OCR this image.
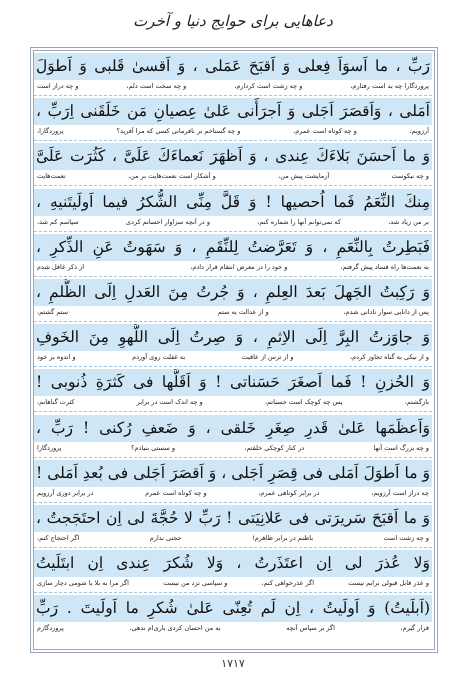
دعاهایی برای حوایج دنیا و آخرت
رَبِّ ، ما اَسوَاَ فِعلی وَ اَقبَحَ عَمَلی ، وَ اَقسیٰ قَلبی وَ اَطوَلَ
پروردگارا چه بد است رفتارم،
و چه زشت است کردارم،
و چه سخت است دلم،
و چه دراز است
اَمَلی ، وَاَقصَرَ اَجَلی وَ اَجرَأَنی عَلیٰ عِصیانِ مَن خَلَقَنی اِرَبِّ ،
آرزویم،
و چه کوتاه است عمرم،
و چه گستاخم بر نافرمانی کسی که مرا آفرید؟
پروردگارا،
وَ ما اَحسَنَ بَلاءَكَ عِندی ، وَ اَظهَرَ نَعماءَكَ عَلَیَّ ، كَثُرَت عَلَیَّ
و چه نیکوست
آزمایشت پیش من،
و آشکار است نعمت‌هایت بر من،
نعمت‌هایت
مِنكَ النِّعَمُ فَما اُحصیها ! وَ قَلَّ مِنِّی الشُّكرُ فیما اَولَیتَنیهِ ،
بر من زیاد شد،
که نمی‌توانم آنها را شماره کنم،
و در آنچه سزاوار احسانم کردی
سپاسم کم شد،
فَبَطِرتُ بِالنِّعَمِ ، وَ تَعَرَّضتُ لِلنِّقَمِ ، وَ سَهَوتُ عَنِ الذِّكرِ ،
به نعمت‌ها راه فساد پیش گرفتم،
و خود را در معرض انتقام قرار دادم،
از ذکر غافل شدم
وَ رَكِبتُ الجَهلَ بَعدَ العِلمِ ، وَ جُرتُ مِنَ العَدلِ اِلَی الظُّلمِ ،
پس از دانایی سوار نادانی شدم،
و از عدالت به ستم
ستم گشتم،
وَ جاوَزتُ البِرَّ اِلَی الاِثمِ ، وَ صِرتُ اِلَی اللَّهوِ مِنَ الخَوفِ
و از نیکی به گناه تجاوز کردم،
و از ترس از عاقبت
به غفلت روی آوردم
و اندوه بر خود
وَ الحُزنِ ! فَما اَصغَرَ حَسَناتی ! وَ اَقَلَّها فی كَثرَةِ ذُنوبی !
بازگشتم،
پس چه کوچک است حسناتم،
و چه اندک است در برابر
کثرت گناهانم،
وَاَعظَمَها عَلیٰ قَدرِ صِغَرِ خَلقی ، وَ ضَعفِ رُكنی ! رَبِّ ،
و چه بزرگ است آنها
در کنار کوچکی خلقتم،
و سستی بنیادم؟
پروردگارا
وَ ما اَطوَلَ اَمَلی فی قِصَرِ اَجَلی ، وَ اَقصَرَ اَجَلی فی بُعدِ اَمَلی !
چه دراز است آرزویم،
در برابر کوتاهی عمرم،
و چه کوتاه است عمرم
در برابر دوری آرزویم
وَ ما اَقبَحَ سَریرَتی فی عَلانِیَتی ! رَبِّ لا حُجَّةَ لی اِن احتَجَجتُ ،
و چه زشت است
باطنم در برابر ظاهرم!
حجتی ندارم
اگر احتجاج کنم،
وَلا عُذرَ لی اِن اعتَذَرتُ ، وَلا شُكرَ عِندی اِن ابتَلَیتُ
و عذر قابل قبولی برایم نیست
اگر عذرخواهی کنم،
و سپاسی نزد من نیست
اگر مرا به بلا یا شومی دچار سازی
(اَبلَیتُ) وَ اَولَیتُ ، اِن لَم تُعِنّی عَلیٰ شُكرِ ما اَولَیتَ . رَبِّ
قرار گیرم،
اگر بر سپاس آنچه
به من احسان کردی یاری‌ام ندهی،
پروردگارم
۱۷۱۷
